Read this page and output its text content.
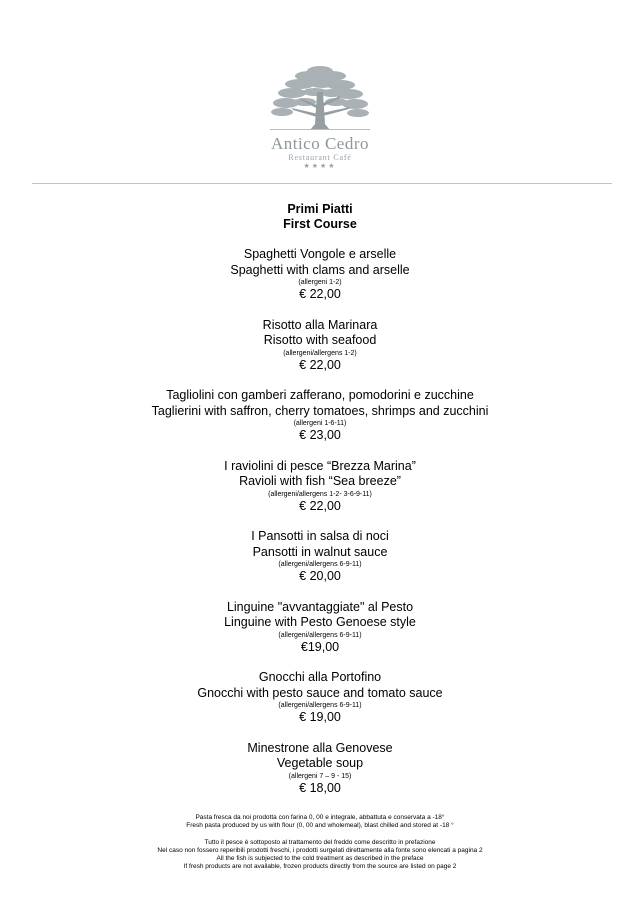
Antico Cedro
Restaurant Café
★★★★
Primi Piatti
First Course
Spaghetti Vongole e arselle
Spaghetti with clams and arselle
(allergeni 1-2)
€ 22,00
Risotto alla Marinara
Risotto with seafood
(allergeni/allergens 1-2)
€ 22,00
Tagliolini con gamberi zafferano, pomodorini e zucchine
Taglierini with saffron, cherry tomatoes, shrimps and zucchini
(allergeni 1-6-11)
€ 23,00
I raviolini di pesce “Brezza Marina”
Ravioli with fish “Sea breeze”
(allergeni/allergens 1-2- 3-6-9-11)
€ 22,00
I Pansotti in salsa di noci
Pansotti in walnut sauce
(allergeni/allergens 6-9-11)
€ 20,00
Linguine "avvantaggiate" al Pesto
Linguine with Pesto Genoese style
(allergeni/allergens 6-9-11)
€19,00
Gnocchi alla Portofino
Gnocchi with pesto sauce and tomato sauce
(allergeni/allergens 6-9-11)
€ 19,00
Minestrone alla Genovese
Vegetable soup
(allergeni 7 – 9 - 15)
€ 18,00
Pasta fresca da noi prodotta con farina 0, 00 e integrale, abbattuta e conservata a -18°
Fresh pasta produced by us with flour (0, 00 and wholemeal), blast chilled and stored at -18 °
Tutto il pesce è sottoposto al trattamento del freddo come descritto in prefazione
Nel caso non fossero reperibili prodotti freschi, i prodotti surgelati direttamente alla fonte sono elencati a pagina 2
All the fish is subjected to the cold treatment as described in the preface
If fresh products are not available, frozen products directly from the source are listed on page 2
